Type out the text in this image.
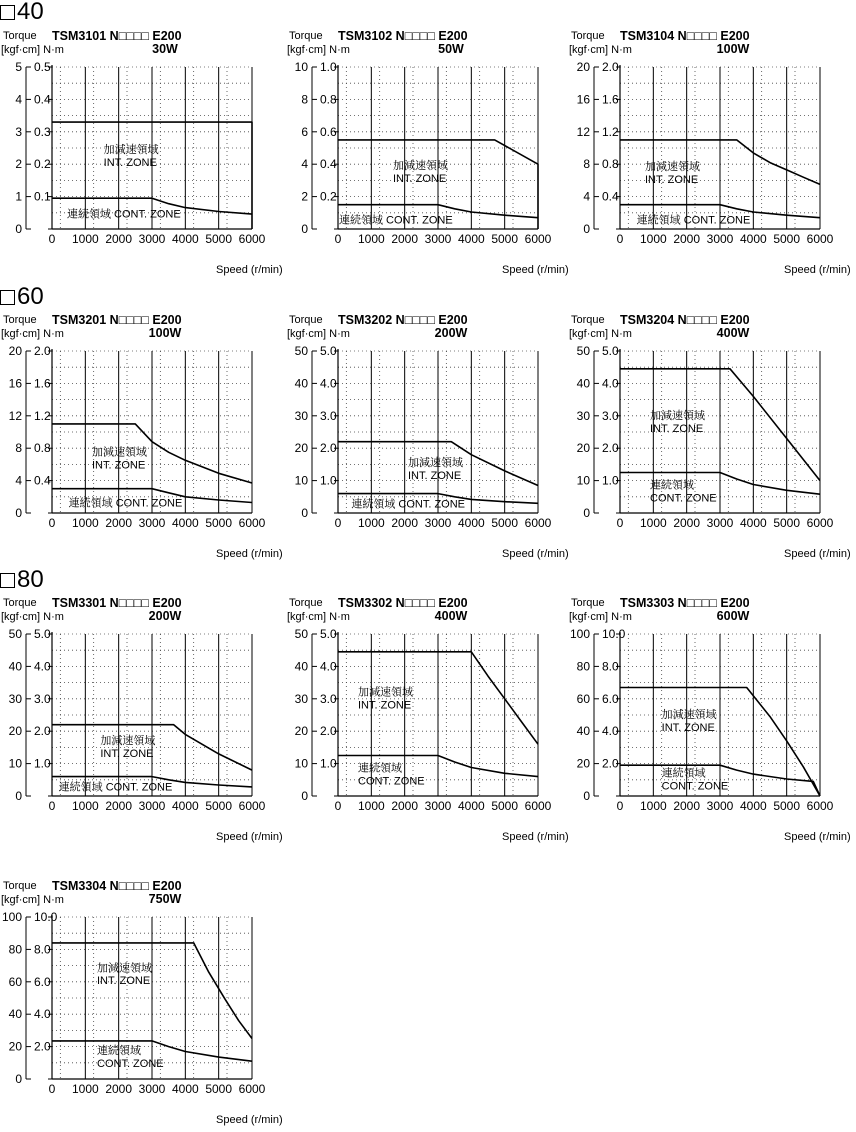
40
60
80
Torque
[kgf·cm] N·m
TSM3101 N□□□□ E200
30W
Speed (r/min)
0
1 0.1
2 0.2
3 0.3
4 0.4
5 0.5
0 1000 2000 3000 4000 5000 6000
加減速領域
INT. ZONE
連続領域 CONT. ZONE
Torque
[kgf·cm] N·m
TSM3102 N□□□□ E200
50W
Speed (r/min)
0
2 0.2
4 0.4
6 0.6
8 0.8
10 1.0
0 1000 2000 3000 4000 5000 6000
加減速領域
INT. ZONE
連続領域 CONT. ZONE
Torque
[kgf·cm] N·m
TSM3104 N□□□□ E200
100W
Speed (r/min)
0
4 0.4
8 0.8
12 1.2
16 1.6
20 2.0
0 1000 2000 3000 4000 5000 6000
加減速領域
INT. ZONE
連続領域 CONT. ZONE
Torque
[kgf·cm] N·m
TSM3201 N□□□□ E200
100W
Speed (r/min)
0
4 0.4
8 0.8
12 1.2
16 1.6
20 2.0
0 1000 2000 3000 4000 5000 6000
加減速領域
INT. ZONE
連続領域 CONT. ZONE
Torque
[kgf·cm] N·m
TSM3202 N□□□□ E200
200W
Speed (r/min)
0
10 1.0
20 2.0
30 3.0
40 4.0
50 5.0
0 1000 2000 3000 4000 5000 6000
加減速領域
INT. ZONE
連続領域 CONT. ZONE
Torque
[kgf·cm] N·m
TSM3204 N□□□□ E200
400W
Speed (r/min)
0
10 1.0
20 2.0
30 3.0
40 4.0
50 5.0
0 1000 2000 3000 4000 5000 6000
加減速領域
INT. ZONE
連続領域
CONT. ZONE
Torque
[kgf·cm] N·m
TSM3301 N□□□□ E200
200W
Speed (r/min)
0
10 1.0
20 2.0
30 3.0
40 4.0
50 5.0
0 1000 2000 3000 4000 5000 6000
加減速領域
INT. ZONE
連続領域 CONT. ZONE
Torque
[kgf·cm] N·m
TSM3302 N□□□□ E200
400W
Speed (r/min)
0
10 1.0
20 2.0
30 3.0
40 4.0
50 5.0
0 1000 2000 3000 4000 5000 6000
加減速領域
INT. ZONE
連続領域
CONT. ZONE
Torque
[kgf·cm] N·m
TSM3303 N□□□□ E200
600W
Speed (r/min)
0
20 2.0
40 4.0
60 6.0
80 8.0
100 10.0
0 1000 2000 3000 4000 5000 6000
加減速領域
INT. ZONE
連続領域
CONT. ZONE
Torque
[kgf·cm] N·m
TSM3304 N□□□□ E200
750W
Speed (r/min)
0
20 2.0
40 4.0
60 6.0
80 8.0
100 10.0
0 1000 2000 3000 4000 5000 6000
加減速領域
INT. ZONE
連続領域
CONT. ZONE
